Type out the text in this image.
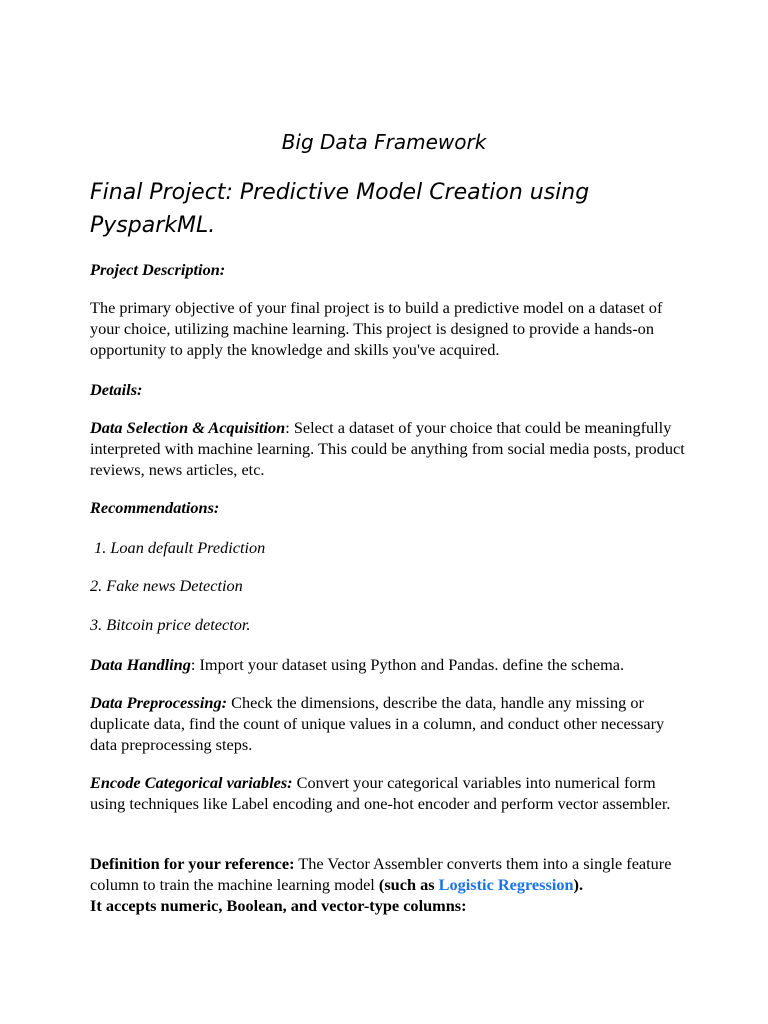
Big Data Framework
Final Project: Predictive Model Creation using PysparkML.

Project Description:

The primary objective of your final project is to build a predictive model on a dataset of your choice, utilizing machine learning. This project is designed to provide a hands-on opportunity to apply the knowledge and skills you've acquired.

Details:

Data Selection & Acquisition: Select a dataset of your choice that could be meaningfully interpreted with machine learning. This could be anything from social media posts, product reviews, news articles, etc.

Recommendations:

1. Loan default Prediction

2. Fake news Detection

3. Bitcoin price detector.

Data Handling: Import your dataset using Python and Pandas. define the schema.

Data Preprocessing: Check the dimensions, describe the data, handle any missing or duplicate data, find the count of unique values in a column, and conduct other necessary data preprocessing steps.

Encode Categorical variables: Convert your categorical variables into numerical form using techniques like Label encoding and one-hot encoder and perform vector assembler.

Definition for your reference: The Vector Assembler converts them into a single feature column to train the machine learning model (such as Logistic Regression).
It accepts numeric, Boolean, and vector-type columns:
